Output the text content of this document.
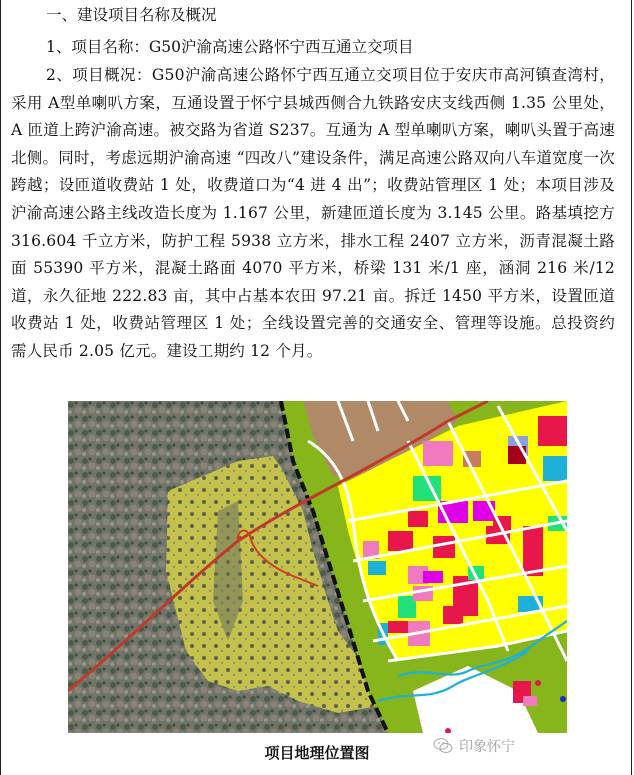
一、建设项目名称及概况
1、项目名称：G50沪渝高速公路怀宁西互通立交项目
2、项目概况：G50沪渝高速公路怀宁西互通立交项目位于安庆市高河镇查湾村，采用 A型单喇叭方案，互通设置于怀宁县城西侧合九铁路安庆支线西侧 1.35 公里处，A 匝道上跨沪渝高速。被交路为省道 S237。互通为 A 型单喇叭方案，喇叭头置于高速北侧。同时，考虑远期沪渝高速 “四改八”建设条件，满足高速公路双向八车道宽度一次跨越；设匝道收费站 1 处，收费道口为“4 进 4 出”；收费站管理区 1 处；本项目涉及沪渝高速公路主线改造长度为 1.167 公里，新建匝道长度为 3.145 公里。路基填挖方 316.604 千立方米，防护工程 5938 立方米，排水工程 2407 立方米，沥青混凝土路面 55390 平方米，混凝土路面 4070 平方米，桥梁 131 米/1 座，涵洞 216 米/12 道，永久征地 222.83 亩，其中占基本农田 97.21 亩。拆迁 1450 平方米，设置匝道收费站 1 处，收费站管理区 1 处；全线设置完善的交通安全、管理等设施。总投资约需人民币 2.05 亿元。建设工期约 12 个月。
项目地理位置图	印象怀宁
